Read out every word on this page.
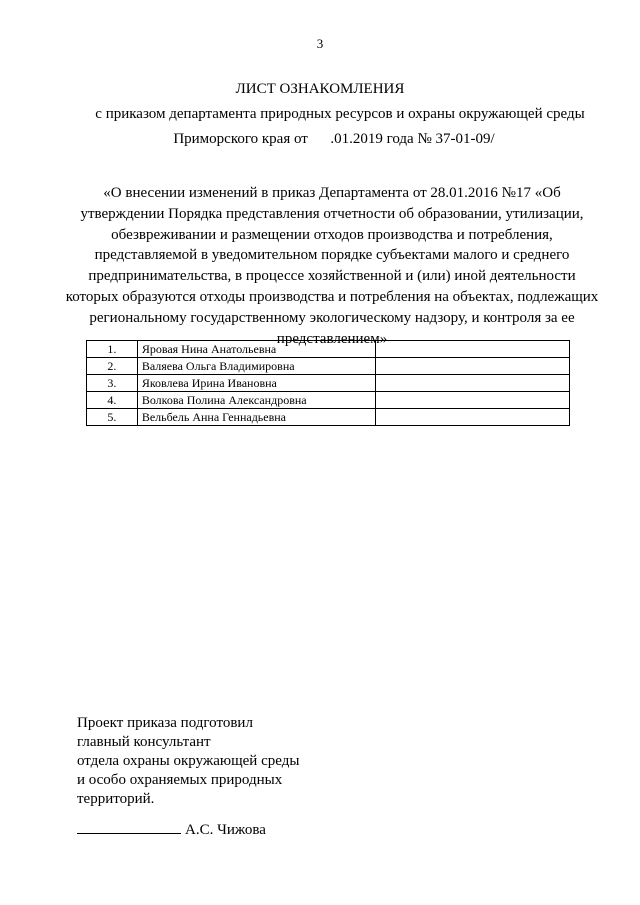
3
ЛИСТ ОЗНАКОМЛЕНИЯ
с приказом департамента природных ресурсов и охраны окружающей среды
Приморского края от      .01.2019 года № 37-01-09/
«О внесении изменений в приказ Департамента от 28.01.2016 №17 «Об
утверждении Порядка представления отчетности об образовании, утилизации,
обезвреживании и размещении отходов производства и потребления,
представляемой в уведомительном порядке субъектами малого и среднего
предпринимательства, в процессе хозяйственной и (или) иной деятельности
которых образуются отходы производства и потребления на объектах, подлежащих
региональному государственному экологическому надзору, и контроля за ее
представлением»
1.	Яровая Нина Анатольевна	
2.	Валяева Ольга Владимировна	
3.	Яковлева Ирина Ивановна	
4.	Волкова Полина Александровна	
5.	Вельбель Анна Геннадьевна	
Проект приказа подготовил
главный консультант
отдела охраны окружающей среды
и особо охраняемых природных
территорий.
А.С. Чижова
